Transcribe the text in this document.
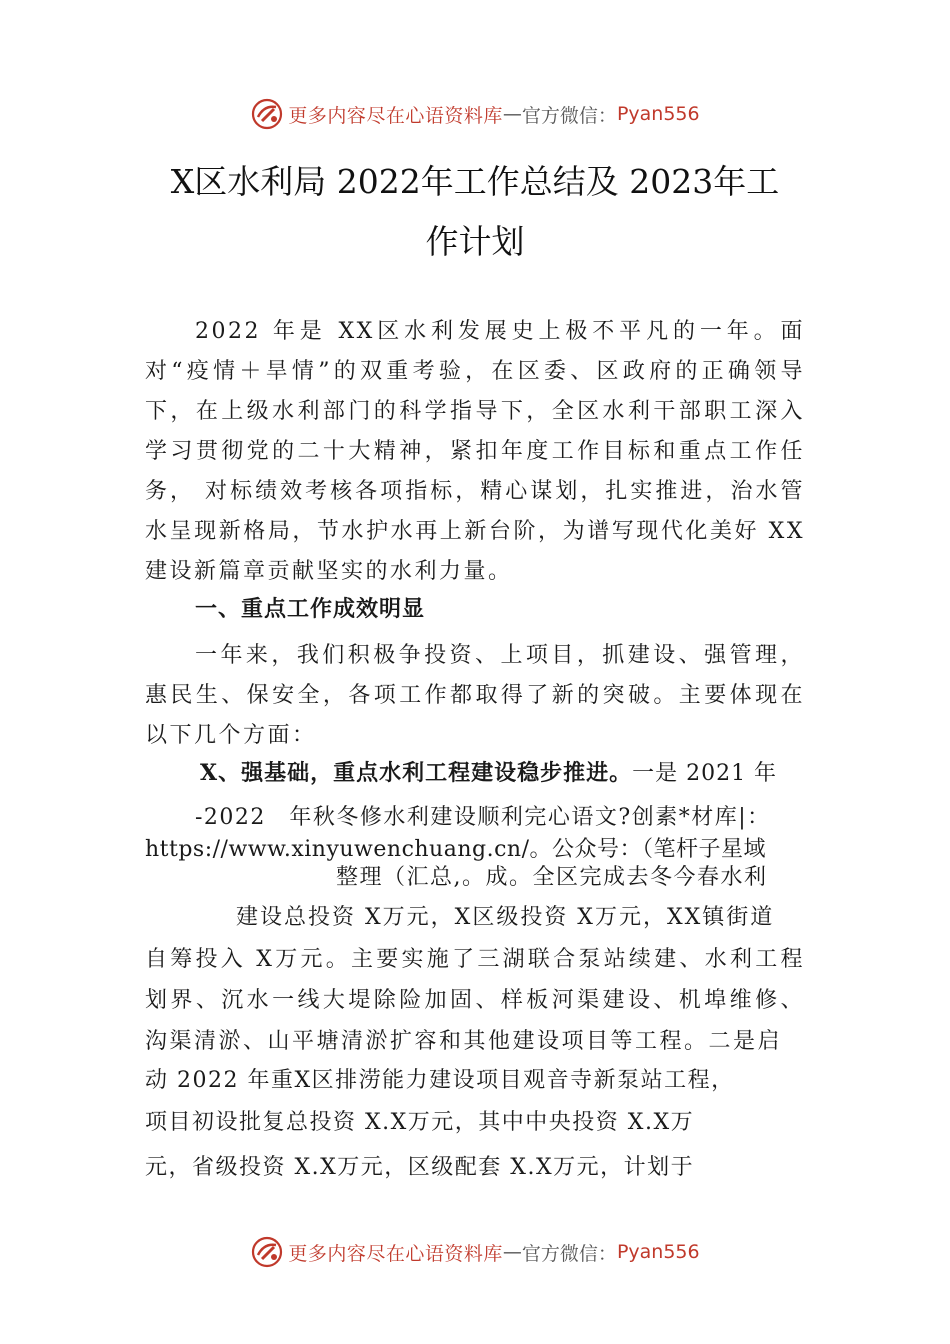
更多内容尽在心语资料库 — 官方微信： Pyan556
X区水利局 2022年工作总结及 2023年工
作计划
2022 年是 XX区水利发展史上极不平凡的一年。面对“疫情＋旱情”的双重考验，在区委、区政府的正确领导下，在上级水利部门的科学指导下，全区水利干部职工深入学习贯彻党的二十大精神，紧扣年度工作目标和重点工作任务， 对标绩效考核各项指标，精心谋划，扎实推进，治水管水呈现新格局，节水护水再上新台阶，为谱写现代化美好 XX建设新篇章贡献坚实的水利力量。
一、重点工作成效明显
一年来，我们积极争投资、上项目，抓建设、强管理，惠民生、保安全，各项工作都取得了新的突破。主要体现在以下几个方面：
X、强基础，重点水利工程建设稳步推进。一是 2021 年
-2022　年秋冬修水利建设顺利完心语文?创素*材库|：
https://www.xinyuwenchuang.cn/。公众号：（笔杆子星域
整理（汇总,。成。全区完成去冬今春水利
建设总投资 X万元，X区级投资 X万元，XX镇街道
自筹投入 X万元。主要实施了三湖联合泵站续建、水利工程划界、沉水一线大堤除险加固、样板河渠建设、机埠维修、沟渠清淤、山平塘清淤扩容和其他建设项目等工程。二是启
动 2022 年重X区排涝能力建设项目观音寺新泵站工程，
项目初设批复总投资 X.X万元，其中中央投资 X.X万
元，省级投资 X.X万元，区级配套 X.X万元，计划于
更多内容尽在心语资料库 — 官方微信： Pyan556
